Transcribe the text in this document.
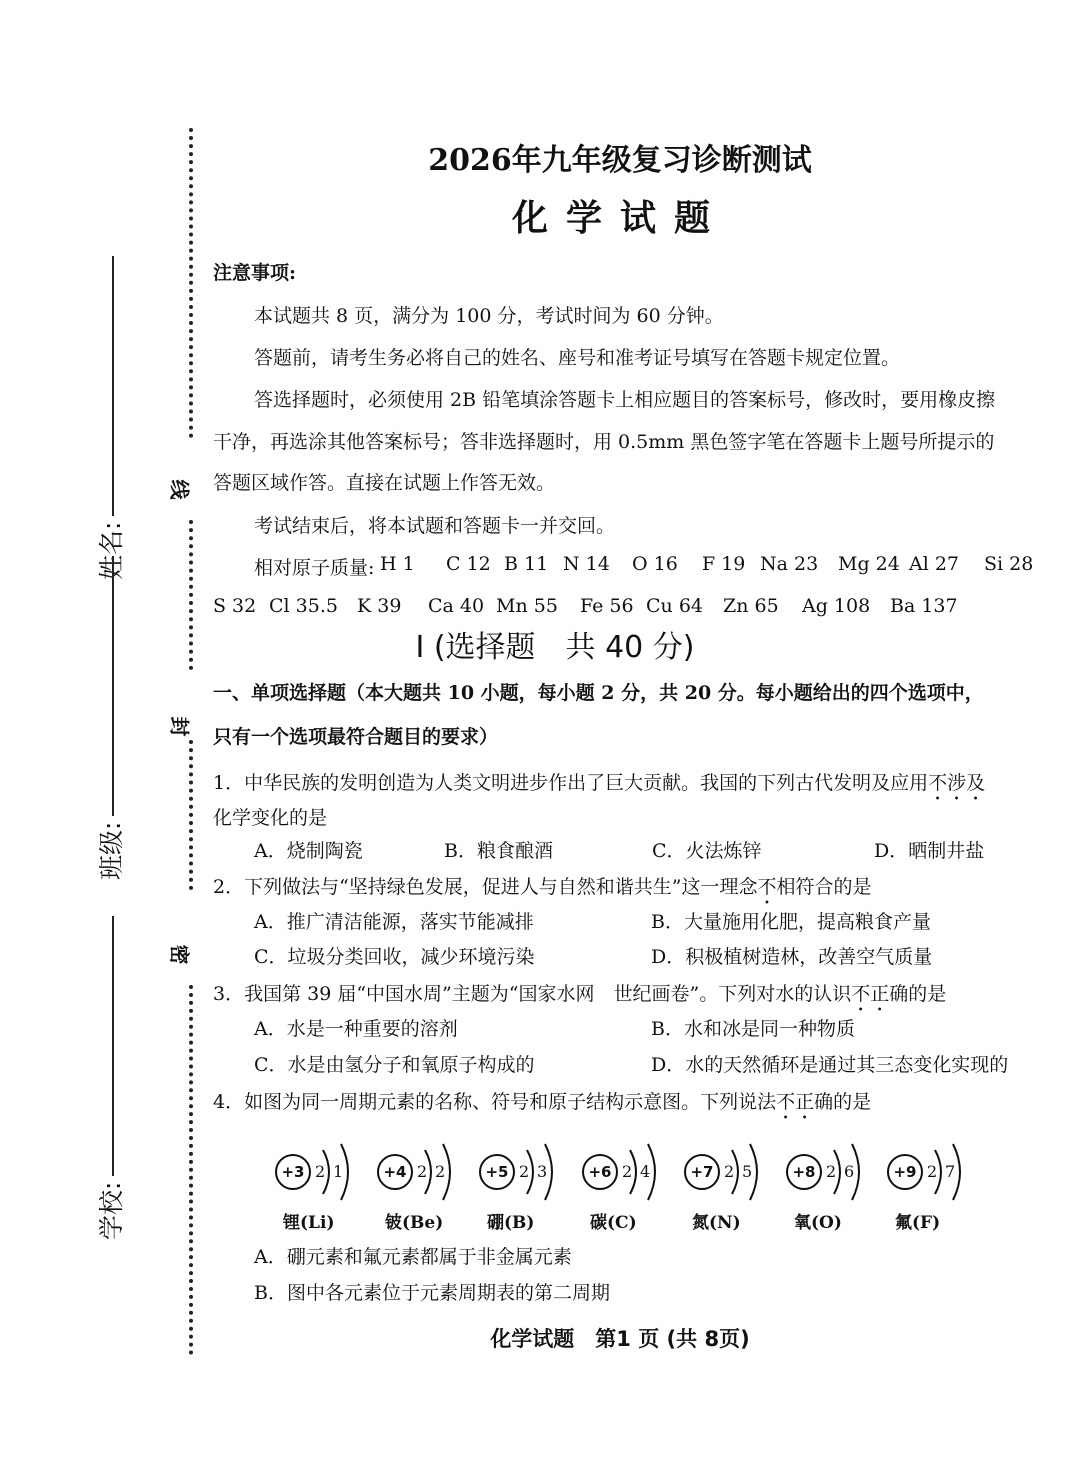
线
封
密
姓名:
班级:
学校:
2026年九年级复习诊断测试
化学试题
注意事项:
本试题共 8 页，满分为 100 分，考试时间为 60 分钟。
答题前，请考生务必将自己的姓名、座号和准考证号填写在答题卡规定位置。
答选择题时，必须使用 2B 铅笔填涂答题卡上相应题目的答案标号，修改时，要用橡皮擦
干净，再选涂其他答案标号；答非选择题时，用 0.5mm 黑色签字笔在答题卡上题号所提示的
答题区域作答。直接在试题上作答无效。
考试结束后，将本试题和答题卡一并交回。
相对原子质量: H 1 C 12 B 11 N 14 O 16 F 19 Na 23 Mg 24 Al 27 Si 28
S 32 Cl 35.5 K 39 Ca 40 Mn 55 Fe 56 Cu 64 Zn 65 Ag 108 Ba 137
Ⅰ (选择题　共 40 分)
一、单项选择题（本大题共 10 小题，每小题 2 分，共 20 分。每小题给出的四个选项中，
只有一个选项最符合题目的要求）
1．中华民族的发明创造为人类文明进步作出了巨大贡献。我国的下列古代发明及应用不涉及
化学变化的是
A．烧制陶瓷	B．粮食酿酒	C．火法炼锌	D．晒制井盐
2．下列做法与“坚持绿色发展，促进人与自然和谐共生”这一理念不相符合的是
A．推广清洁能源，落实节能减排	B．大量施用化肥，提高粮食产量
C．垃圾分类回收，减少环境污染	D．积极植树造林，改善空气质量
3．我国第 39 届“中国水周”主题为“国家水网　世纪画卷”。下列对水的认识不正确的是
A．水是一种重要的溶剂	B．水和冰是同一种物质
C．水是由氢分子和氧原子构成的	D．水的天然循环是通过其三态变化实现的
4．如图为同一周期元素的名称、符号和原子结构示意图。下列说法不正确的是
+3 2 1
锂(Li)
+4 2 2
铍(Be)
+5 2 3
硼(B)
+6 2 4
碳(C)
+7 2 5
氮(N)
+8 2 6
氧(O)
+9 2 7
氟(F)
A．硼元素和氟元素都属于非金属元素
B．图中各元素位于元素周期表的第二周期
化学试题　第1 页 (共 8页)
